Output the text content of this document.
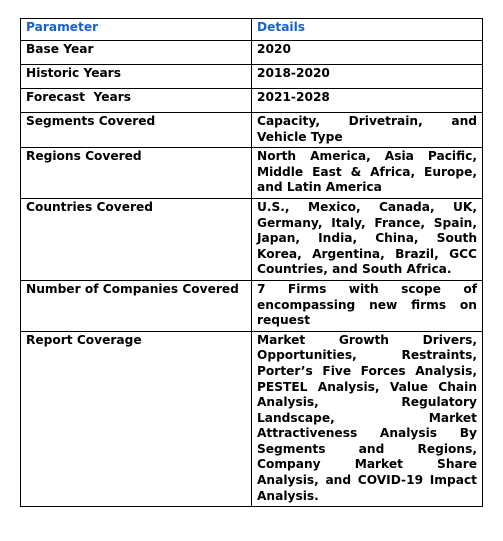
Parameter	Details
Base Year	2020
Historic Years	2018-2020
Forecast  Years	2021-2028
Segments Covered	Capacity, Drivetrain, and Vehicle Type
Regions Covered	North America, Asia Pacific, Middle East & Africa, Europe, and Latin America
Countries Covered	U.S., Mexico, Canada, UK, Germany, Italy, France, Spain, Japan, India, China, South Korea, Argentina, Brazil, GCC Countries, and South Africa.
Number of Companies Covered	7 Firms with scope of encompassing new firms on request
Report Coverage	Market Growth Drivers, Opportunities, Restraints, Porter’s Five Forces Analysis, PESTEL Analysis, Value Chain Analysis, Regulatory Landscape, Market Attractiveness Analysis By Segments and Regions, Company Market Share Analysis, and COVID-19 Impact Analysis.
